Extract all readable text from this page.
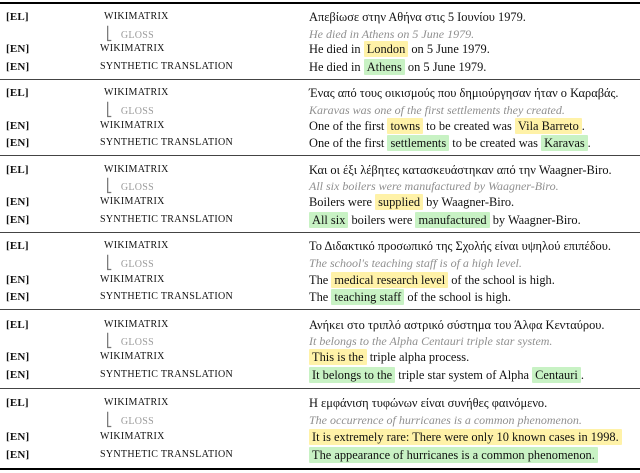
[EL]	WIKIMATRIX	Απεβίωσε στην Αθήνα στις 5 Ιουνίου 1979.
⎣ GLOSS	He died in Athens on 5 June 1979.
[EN]	WIKIMATRIX	He died in London on 5 June 1979.
[EN]	SYNTHETIC TRANSLATION	He died in Athens on 5 June 1979.
[EL]	WIKIMATRIX	Ένας από τους οικισμούς που δημιούργησαν ήταν ο Καραβάς.
⎣ GLOSS	Karavas was one of the first settlements they created.
[EN]	WIKIMATRIX	One of the first towns to be created was Vila Barreto .
[EN]	SYNTHETIC TRANSLATION	One of the first settlements to be created was Karavas .
[EL]	WIKIMATRIX	Και οι έξι λέβητες κατασκευάστηκαν από την Waagner-Biro.
⎣ GLOSS	All six boilers were manufactured by Waagner-Biro.
[EN]	WIKIMATRIX	Boilers were supplied by Waagner-Biro.
[EN]	SYNTHETIC TRANSLATION	All six boilers were manufactured by Waagner-Biro.
[EL]	WIKIMATRIX	Το Διδακτικό προσωπικό της Σχολής είναι υψηλού επιπέδου.
⎣ GLOSS	The school's teaching staff is of a high level.
[EN]	WIKIMATRIX	The medical research level of the school is high.
[EN]	SYNTHETIC TRANSLATION	The teaching staff of the school is high.
[EL]	WIKIMATRIX	Ανήκει στο τριπλό αστρικό σύστημα του Άλφα Κενταύρου.
⎣ GLOSS	It belongs to the Alpha Centauri triple star system.
[EN]	WIKIMATRIX	This is the triple alpha process.
[EN]	SYNTHETIC TRANSLATION	It belongs to the triple star system of Alpha Centauri .
[EL]	WIKIMATRIX	Η εμφάνιση τυφώνων είναι συνήθες φαινόμενο.
⎣ GLOSS	The occurrence of hurricanes is a common phenomenon.
[EN]	WIKIMATRIX	It is extremely rare: There were only 10 known cases in 1998.
[EN]	SYNTHETIC TRANSLATION	The appearance of hurricanes is a common phenomenon.
